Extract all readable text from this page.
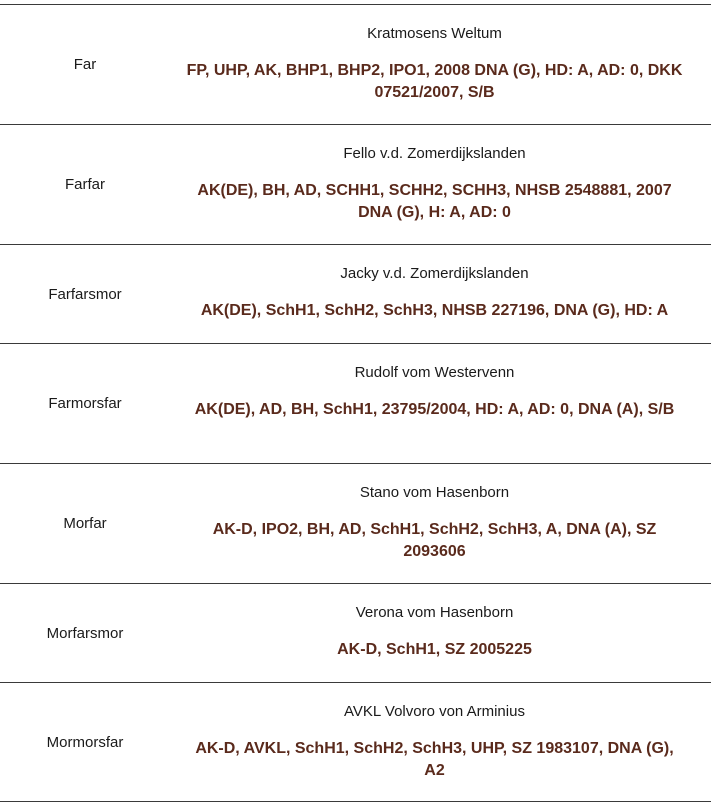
Far
Kratmosens Weltum
FP, UHP, AK, BHP1, BHP2, IPO1, 2008 DNA (G), HD: A, AD: 0, DKK 07521/2007, S/B
Farfar
Fello v.d. Zomerdijkslanden
AK(DE), BH, AD, SCHH1, SCHH2, SCHH3, NHSB 2548881, 2007 DNA (G), H: A, AD: 0
Farfarsmor
Jacky v.d. Zomerdijkslanden
AK(DE), SchH1, SchH2, SchH3, NHSB 227196, DNA (G), HD: A
Farmorsfar
Rudolf vom Westervenn
AK(DE), AD, BH, SchH1, 23795/2004, HD: A, AD: 0, DNA (A), S/B
Morfar
Stano vom Hasenborn
AK-D, IPO2, BH, AD, SchH1, SchH2, SchH3, A, DNA (A), SZ 2093606
Morfarsmor
Verona vom Hasenborn
AK-D, SchH1, SZ 2005225
Mormorsfar
AVKL Volvoro von Arminius
AK-D, AVKL, SchH1, SchH2, SchH3, UHP, SZ 1983107, DNA (G), A2
